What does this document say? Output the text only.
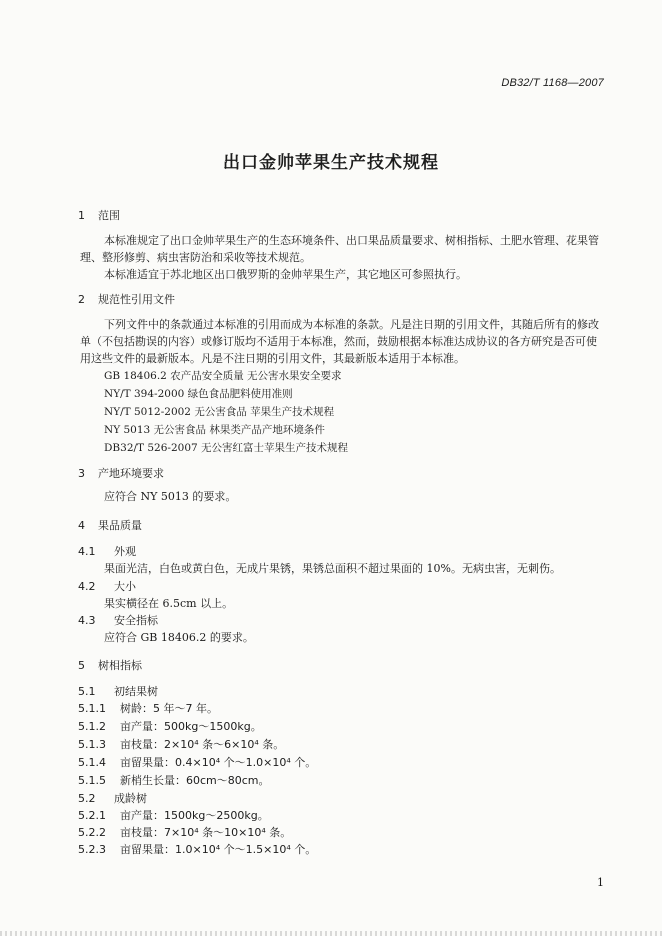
DB32/T 1168—2007
出口金帅苹果生产技术规程
1 范围
本标准规定了出口金帅苹果生产的生态环境条件、出口果品质量要求、树相指标、土肥水管理、花果管理、整形修剪、病虫害防治和采收等技术规范。
本标准适宜于苏北地区出口俄罗斯的金帅苹果生产，其它地区可参照执行。
2 规范性引用文件
下列文件中的条款通过本标准的引用而成为本标准的条款。凡是注日期的引用文件，其随后所有的修改单（不包括勘误的内容）或修订版均不适用于本标准，然而，鼓励根据本标准达成协议的各方研究是否可使用这些文件的最新版本。凡是不注日期的引用文件，其最新版本适用于本标准。
GB 18406.2 农产品安全质量 无公害水果安全要求
NY/T 394-2000 绿色食品肥料使用准则
NY/T 5012-2002 无公害食品 苹果生产技术规程
NY 5013 无公害食品 林果类产品产地环境条件
DB32/T 526-2007 无公害红富士苹果生产技术规程
3 产地环境要求
应符合 NY 5013 的要求。
4 果品质量
4.1 外观
果面光洁，白色或黄白色，无成片果锈，果锈总面积不超过果面的 10%。无病虫害，无刺伤。
4.2 大小
果实横径在 6.5cm 以上。
4.3 安全指标
应符合 GB 18406.2 的要求。
5 树相指标
5.1 初结果树
5.1.1 树龄：5 年～7 年。
5.1.2 亩产量：500kg～1500kg。
5.1.3 亩枝量：2×10⁴ 条～6×10⁴ 条。
5.1.4 亩留果量：0.4×10⁴ 个～1.0×10⁴ 个。
5.1.5 新梢生长量：60cm～80cm。
5.2 成龄树
5.2.1 亩产量：1500kg～2500kg。
5.2.2 亩枝量：7×10⁴ 条～10×10⁴ 条。
5.2.3 亩留果量：1.0×10⁴ 个～1.5×10⁴ 个。
1
